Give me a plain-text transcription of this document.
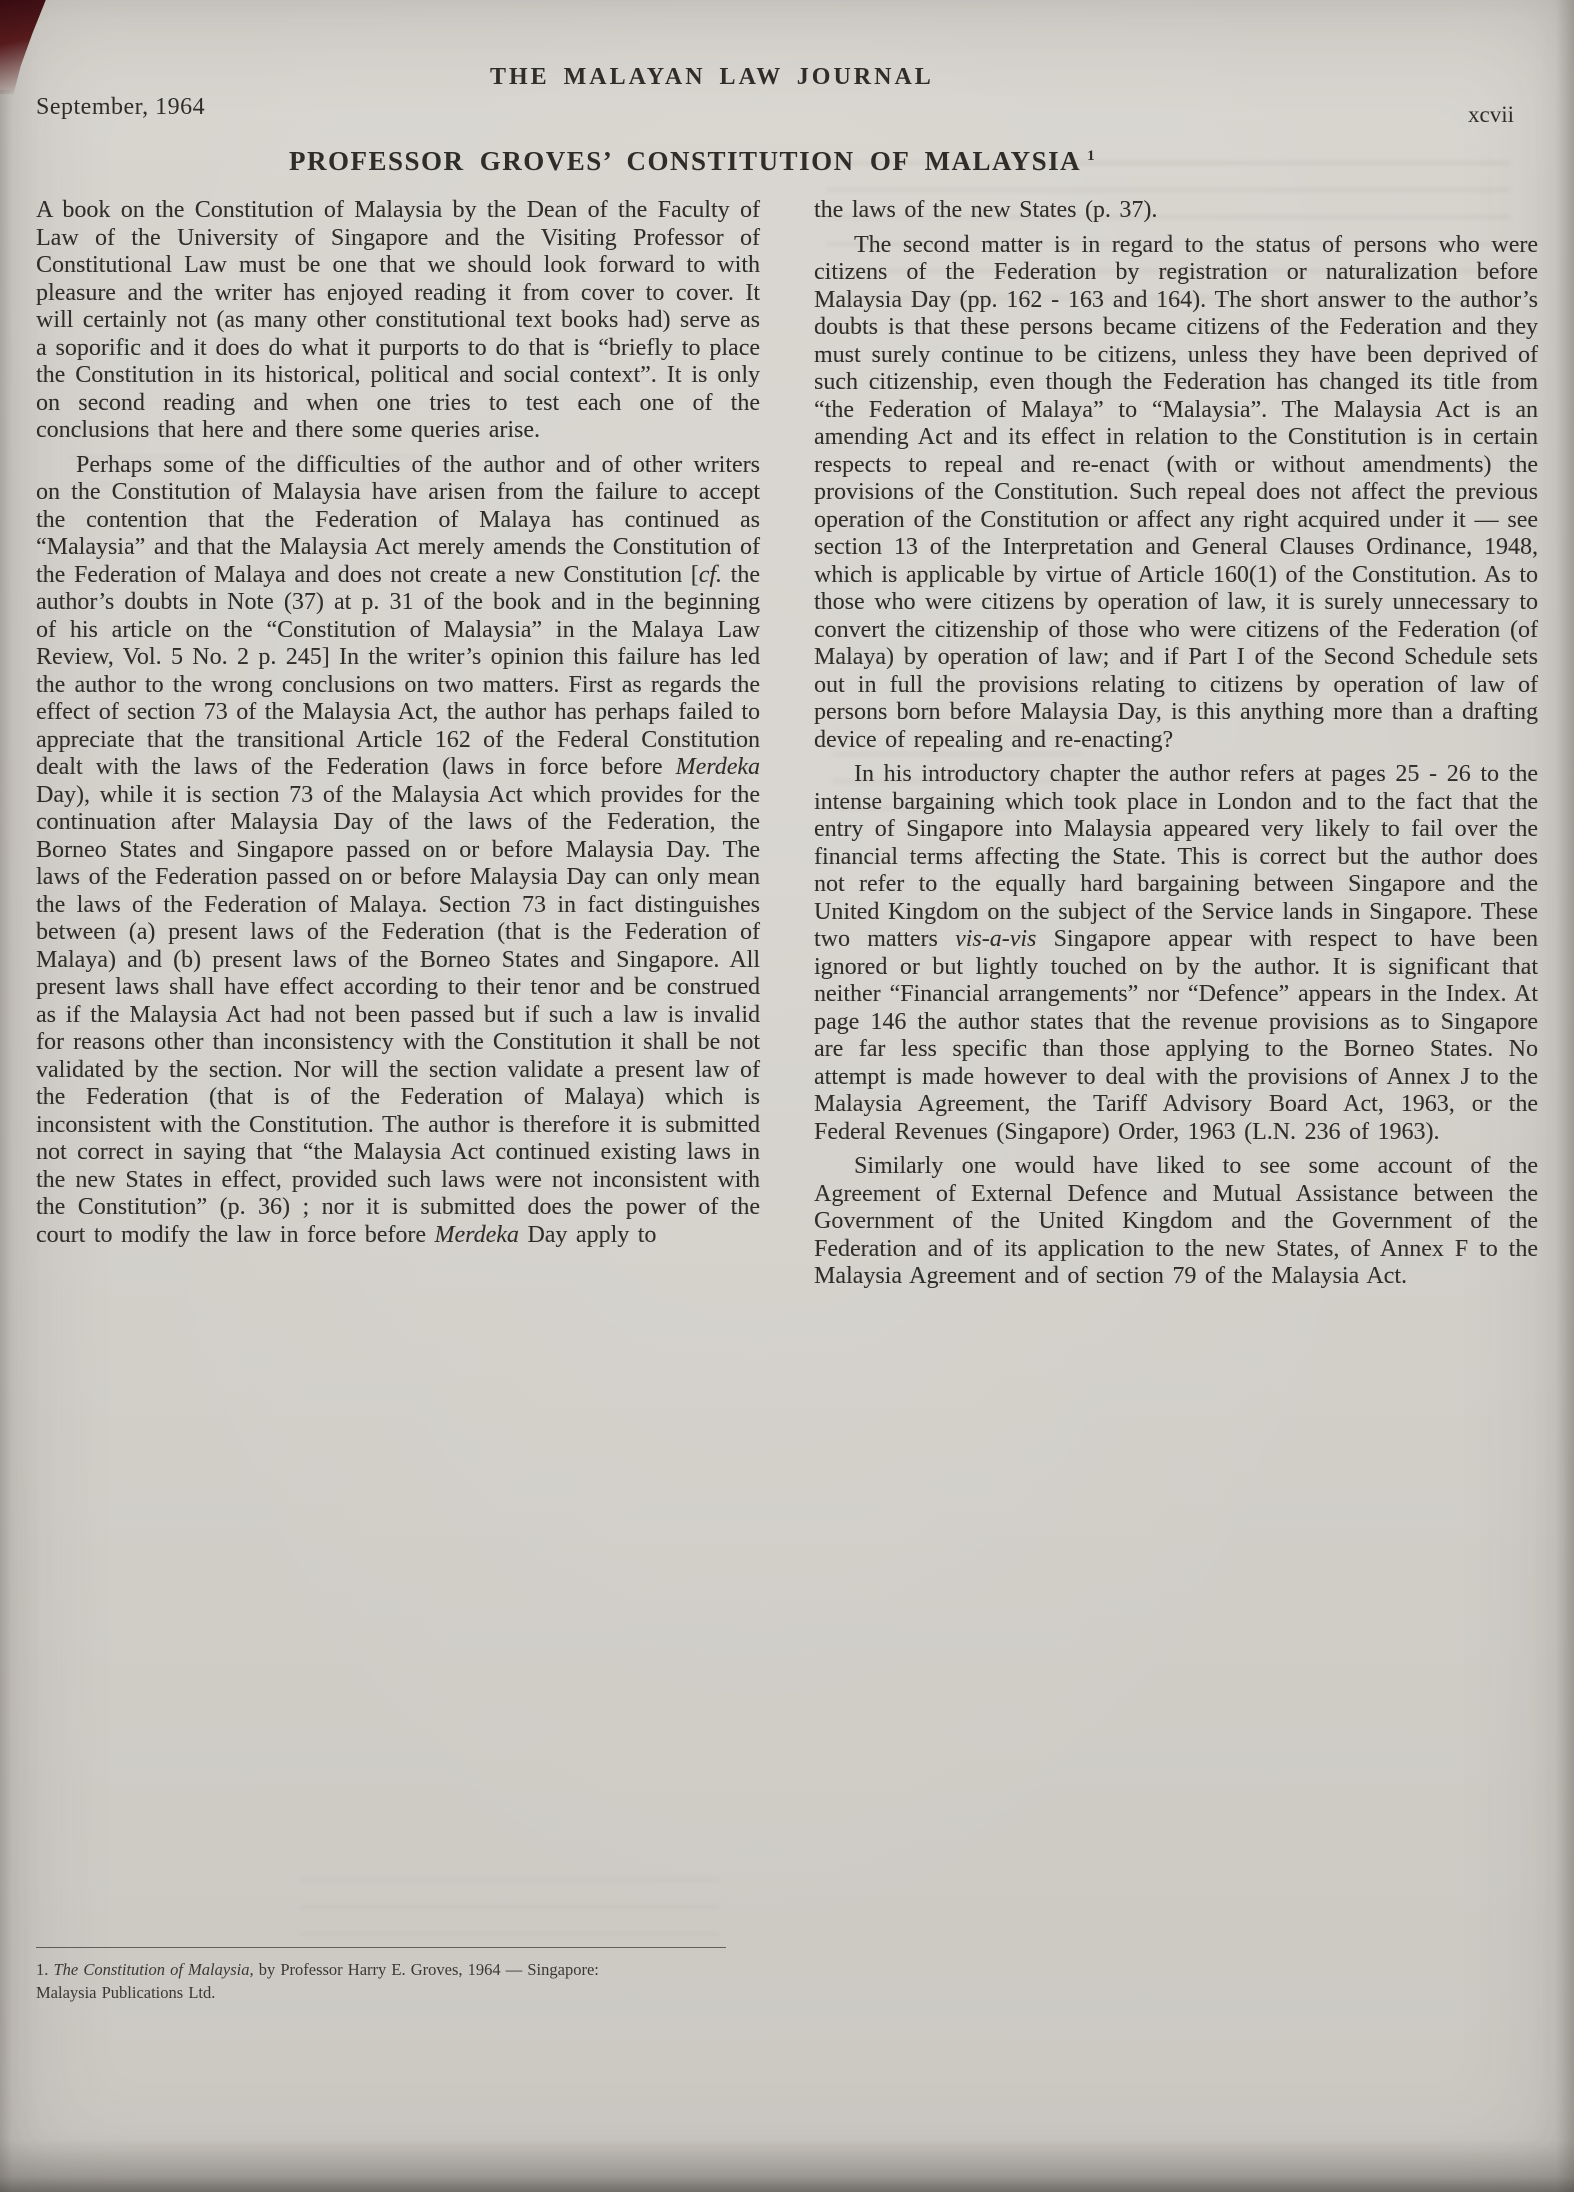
September, 1964
THE MALAYAN LAW JOURNAL
xcvii
PROFESSOR GROVES’ CONSTITUTION OF MALAYSIA $^1$

A book on the Constitution of Malaysia by the Dean of the Faculty of Law of the University of Singapore and the Visiting Professor of Constitutional Law must be one that we should look forward to with pleasure and the writer has enjoyed reading it from cover to cover. It will certainly not (as many other constitutional text books had) serve as a soporific and it does do what it purports to do that is “briefly to place the Constitution in its historical, political and social context”. It is only on second reading and when one tries to test each one of the conclusions that here and there some queries arise.

Perhaps some of the difficulties of the author and of other writers on the Constitution of Malaysia have arisen from the failure to accept the contention that the Federation of Malaya has continued as “Malaysia” and that the Malaysia Act merely amends the Constitution of the Federation of Malaya and does not create a new Constitution [cf. the author’s doubts in Note (37) at p. 31 of the book and in the beginning of his article on the “Constitution of Malaysia” in the Malaya Law Review, Vol. 5 No. 2 p. 245] In the writer’s opinion this failure has led the author to the wrong conclusions on two matters. First as regards the effect of section 73 of the Malaysia Act, the author has perhaps failed to appreciate that the transitional Article 162 of the Federal Constitution dealt with the laws of the Federation (laws in force before Merdeka Day), while it is section 73 of the Malaysia Act which provides for the continuation after Malaysia Day of the laws of the Federation, the Borneo States and Singapore passed on or before Malaysia Day. The laws of the Federation passed on or before Malaysia Day can only mean the laws of the Federation of Malaya. Section 73 in fact distinguishes between (a) present laws of the Federation (that is the Federation of Malaya) and (b) present laws of the Borneo States and Singapore. All present laws shall have effect according to their tenor and be construed as if the Malaysia Act had not been passed but if such a law is invalid for reasons other than inconsistency with the Constitution it shall be not validated by the section. Nor will the section validate a present law of the Federation (that is of the Federation of Malaya) which is inconsistent with the Constitution. The author is therefore it is submitted not correct in saying that “the Malaysia Act continued existing laws in the new States in effect, provided such laws were not inconsistent with the Constitution” (p. 36) ; nor it is submitted does the power of the court to modify the law in force before Merdeka Day apply to

the laws of the new States (p. 37).

The second matter is in regard to the status of persons who were citizens of the Federation by registration or naturalization before Malaysia Day (pp. 162 - 163 and 164). The short answer to the author’s doubts is that these persons became citizens of the Federation and they must surely continue to be citizens, unless they have been deprived of such citizenship, even though the Federation has changed its title from “the Federation of Malaya” to “Malaysia”. The Malaysia Act is an amending Act and its effect in relation to the Constitution is in certain respects to repeal and re-enact (with or without amendments) the provisions of the Constitution. Such repeal does not affect the previous operation of the Constitution or affect any right acquired under it — see section 13 of the Interpretation and General Clauses Ordinance, 1948, which is applicable by virtue of Article 160(1) of the Constitution. As to those who were citizens by operation of law, it is surely unnecessary to convert the citizenship of those who were citizens of the Federation (of Malaya) by operation of law; and if Part I of the Second Schedule sets out in full the provisions relating to citizens by operation of law of persons born before Malaysia Day, is this anything more than a drafting device of repealing and re-enacting?

In his introductory chapter the author refers at pages 25 - 26 to the intense bargaining which took place in London and to the fact that the entry of Singapore into Malaysia appeared very likely to fail over the financial terms affecting the State. This is correct but the author does not refer to the equally hard bargaining between Singapore and the United Kingdom on the subject of the Service lands in Singapore. These two matters vis-a-vis Singapore appear with respect to have been ignored or but lightly touched on by the author. It is significant that neither “Financial arrangements” nor “Defence” appears in the Index. At page 146 the author states that the revenue provisions as to Singapore are far less specific than those applying to the Borneo States. No attempt is made however to deal with the provisions of Annex J to the Malaysia Agreement, the Tariff Advisory Board Act, 1963, or the Federal Revenues (Singapore) Order, 1963 (L.N. 236 of 1963).

Similarly one would have liked to see some account of the Agreement of External Defence and Mutual Assistance between the Government of the United Kingdom and the Government of the Federation and of its application to the new States, of Annex F to the Malaysia Agreement and of section 79 of the Malaysia Act.

1. The Constitution of Malaysia, by Professor Harry E. Groves, 1964 — Singapore: Malaysia Publications Ltd.
